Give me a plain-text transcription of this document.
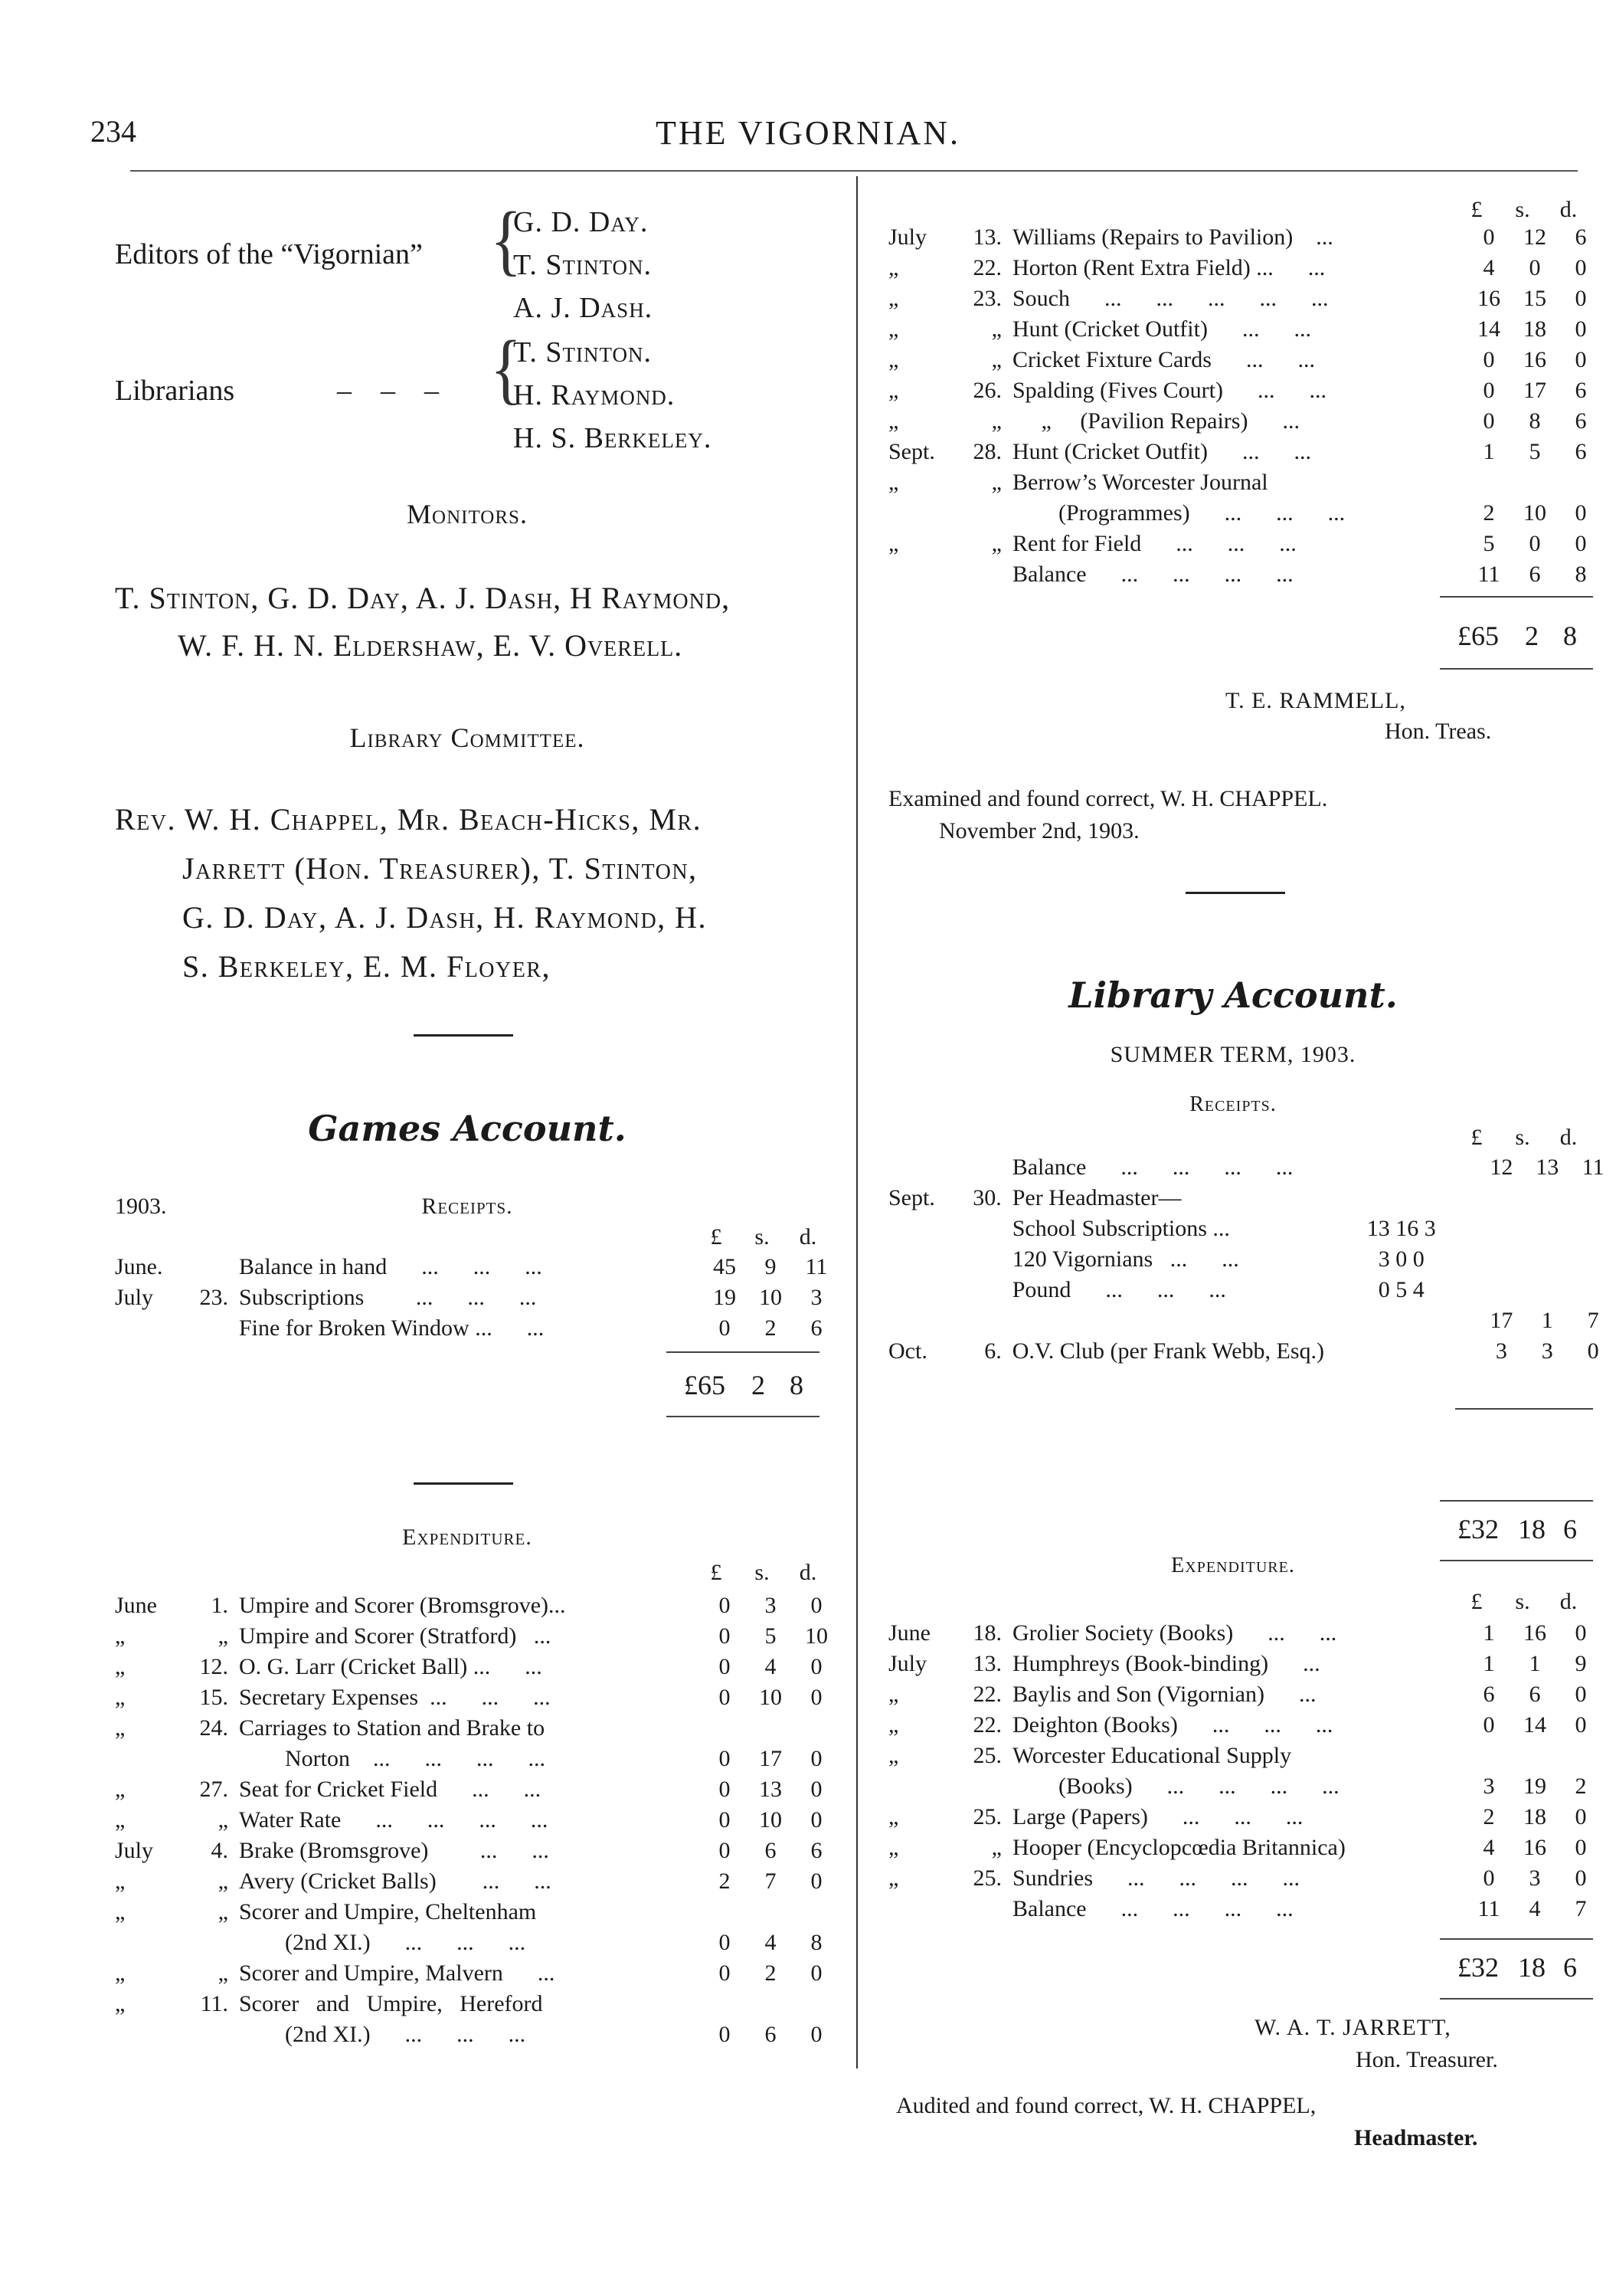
234	THE VIGORNIAN.
Editors of the “Vigornian” {
G. D. Day.
T. Stinton.
A. J. Dash.
Librarians	–    –    – {
T. Stinton.
H. Raymond.
H. S. Berkeley.
Monitors.
T. Stinton, G. D. Day, A. J. Dash, H Raymond,
W. F. H. N. Eldershaw, E. V. Overell.
Library Committee.
Rev. W. H. Chappel, Mr. Beach-Hicks, Mr.
Jarrett (Hon. Treasurer), T. Stinton,
G. D. Day, A. J. Dash, H. Raymond, H.
S. Berkeley, E. M. Floyer,
Games Account.
1903.	Receipts.
£ s. d.
June.		Balance in hand      ...      ...      ...	45	9	11
July	23.	Subscriptions         ...      ...      ...	19	10	3
		Fine for Broken Window ...      ...	0	2	6
£65 2 8
Expenditure.
£ s. d.
June	1.	Umpire and Scorer (Bromsgrove)...	0	3	0
„	„	Umpire and Scorer (Stratford)   ...	0	5	10
„	12.	O. G. Larr (Cricket Ball) ...      ...	0	4	0
„	15.	Secretary Expenses  ...      ...      ...	0	10	0
„	24.	Carriages to Station and Brake to			
		Norton    ...      ...      ...      ...	0	17	0
„	27.	Seat for Cricket Field      ...      ...	0	13	0
„	„	Water Rate      ...      ...      ...      ...	0	10	0
July	4.	Brake (Bromsgrove)         ...      ...	0	6	6
„	„	Avery (Cricket Balls)        ...      ...	2	7	0
„	„	Scorer and Umpire, Cheltenham			
		(2nd XI.)      ...      ...      ...	0	4	8
„	„	Scorer and Umpire, Malvern      ...	0	2	0
„	11.	Scorer   and   Umpire,   Hereford			
		(2nd XI.)      ...      ...      ...	0	6	0
£ s. d.
July	13.	Williams (Repairs to Pavilion)    ...	0	12	6
„	22.	Horton (Rent Extra Field) ...      ...	4	0	0
„	23.	Souch      ...      ...      ...      ...      ...	16	15	0
„	„	Hunt (Cricket Outfit)      ...      ...	14	18	0
„	„	Cricket Fixture Cards      ...      ...	0	16	0
„	26.	Spalding (Fives Court)      ...      ...	0	17	6
„	„	„     (Pavilion Repairs)      ...	0	8	6
Sept.	28.	Hunt (Cricket Outfit)      ...      ...	1	5	6
„	„	Berrow’s Worcester Journal			
		(Programmes)      ...      ...      ...	2	10	0
„	„	Rent for Field      ...      ...      ...	5	0	0
		Balance      ...      ...      ...      ...	11	6	8
£65 2 8
T. E. RAMMELL,
Hon. Treas.
Examined and found correct, W. H. CHAPPEL.
November 2nd, 1903.
Library Account.
SUMMER TERM, 1903.
Receipts.
£ s. d.
		Balance      ...      ...      ...      ...		12	13	11
Sept.	30.	Per Headmaster—				
		School Subscriptions ...	13 16 3			
		120 Vigornians   ...      ...	3 0 0			
		Pound      ...      ...      ...	0 5 4			
				17	1	7
Oct.	6.	O.V. Club (per Frank Webb, Esq.)		3	3	0
£32 18 6
Expenditure.
£ s. d.
June	18.	Grolier Society (Books)      ...      ...	1	16	0
July	13.	Humphreys (Book-binding)      ...	1	1	9
„	22.	Baylis and Son (Vigornian)      ...	6	6	0
„	22.	Deighton (Books)      ...      ...      ...	0	14	0
„	25.	Worcester Educational Supply			
		(Books)      ...      ...      ...      ...	3	19	2
„	25.	Large (Papers)      ...      ...      ...	2	18	0
„	„	Hooper (Encyclopcœdia Britannica)	4	16	0
„	25.	Sundries      ...      ...      ...      ...	0	3	0
		Balance      ...      ...      ...      ...	11	4	7
£32 18 6
W. A. T. JARRETT,
Hon. Treasurer.
Audited and found correct, W. H. CHAPPEL,
Headmaster.
